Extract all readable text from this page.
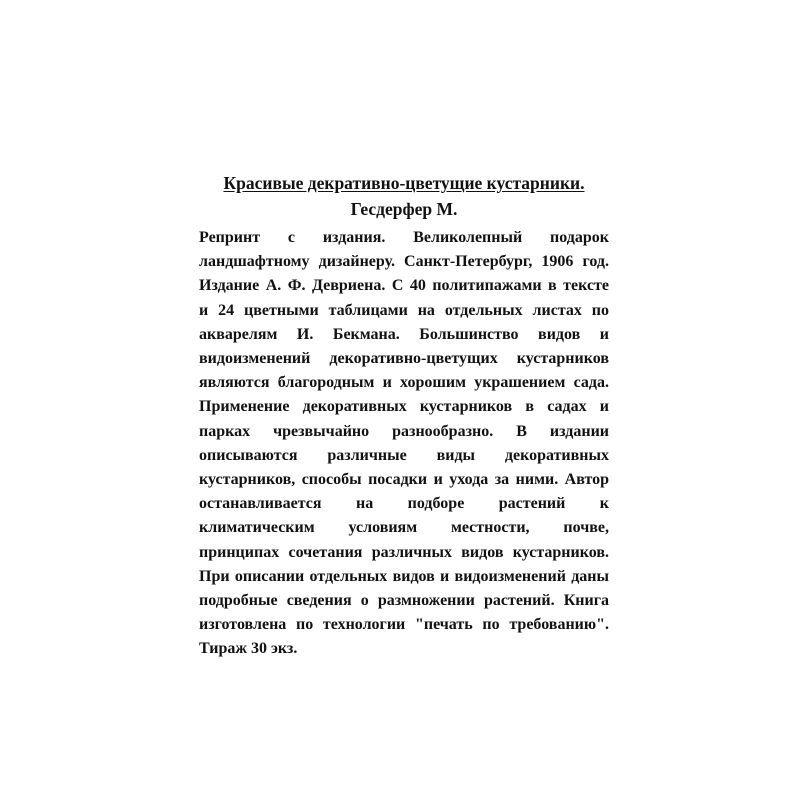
Красивые декративно-цветущие кустарники.
Гесдерфер М.
Репринт с издания. Великолепный подарок
ландшафтному дизайнеру. Санкт-Петербург, 1906 год.
Издание А. Ф. Девриена. С 40 политипажами в тексте
и 24 цветными таблицами на отдельных листах по
акварелям И. Бекмана. Большинство видов и
видоизменений декоративно-цветущих кустарников
являются благородным и хорошим украшением сада.
Применение декоративных кустарников в садах и
парках чрезвычайно разнообразно. В издании
описываются различные виды декоративных
кустарников, способы посадки и ухода за ними. Автор
останавливается на подборе растений к
климатическим условиям местности, почве,
принципах сочетания различных видов кустарников.
При описании отдельных видов и видоизменений даны
подробные сведения о размножении растений. Книга
изготовлена по технологии "печать по требованию".
Тираж 30 экз.
